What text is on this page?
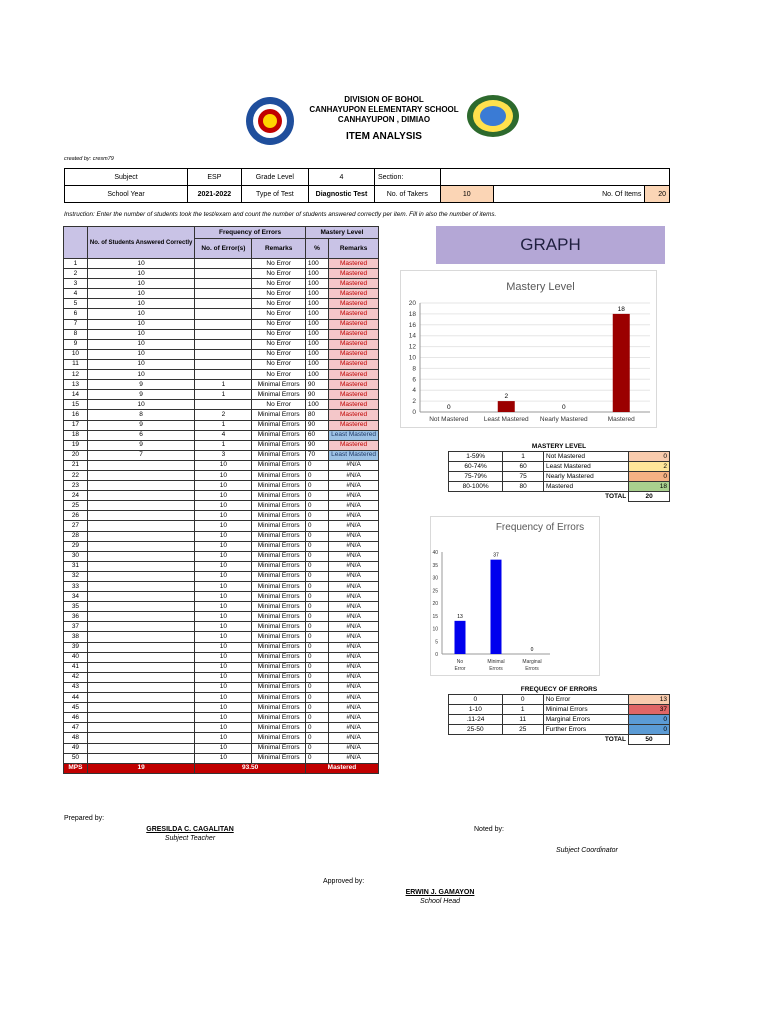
DIVISION OF BOHOL
CANHAYUPON ELEMENTARY SCHOOL
CANHAYUPON , DIMIAO
ITEM ANALYSIS
created by: cresm79
Subject	ESP	Grade Level	4	Section:			
School Year	2021-2022	Type of Test	Diagnostic Test	No. of Takers	10	No. Of Items	20
Instruction: Enter the number of students took the test/exam and count the number of students answered correctly per item. Fill in also the number of items.
	No. of Students Answered Correctly	Frequency of Errors		Mastery Level	
		No. of Error(s)	Remarks	%	Remarks
1	10		No Error	100	Mastered
2	10		No Error	100	Mastered
3	10		No Error	100	Mastered
4	10		No Error	100	Mastered
5	10		No Error	100	Mastered
6	10		No Error	100	Mastered
7	10		No Error	100	Mastered
8	10		No Error	100	Mastered
9	10		No Error	100	Mastered
10	10		No Error	100	Mastered
11	10		No Error	100	Mastered
12	10		No Error	100	Mastered
13	9	1	Minimal Errors	90	Mastered
14	9	1	Minimal Errors	90	Mastered
15	10		No Error	100	Mastered
16	8	2	Minimal Errors	80	Mastered
17	9	1	Minimal Errors	90	Mastered
18	6	4	Minimal Errors	60	Least Mastered
19	9	1	Minimal Errors	90	Mastered
20	7	3	Minimal Errors	70	Least Mastered
21		10	Minimal Errors	0	#N/A
22		10	Minimal Errors	0	#N/A
23		10	Minimal Errors	0	#N/A
24		10	Minimal Errors	0	#N/A
25		10	Minimal Errors	0	#N/A
26		10	Minimal Errors	0	#N/A
27		10	Minimal Errors	0	#N/A
28		10	Minimal Errors	0	#N/A
29		10	Minimal Errors	0	#N/A
30		10	Minimal Errors	0	#N/A
31		10	Minimal Errors	0	#N/A
32		10	Minimal Errors	0	#N/A
33		10	Minimal Errors	0	#N/A
34		10	Minimal Errors	0	#N/A
35		10	Minimal Errors	0	#N/A
36		10	Minimal Errors	0	#N/A
37		10	Minimal Errors	0	#N/A
38		10	Minimal Errors	0	#N/A
39		10	Minimal Errors	0	#N/A
40		10	Minimal Errors	0	#N/A
41		10	Minimal Errors	0	#N/A
42		10	Minimal Errors	0	#N/A
43		10	Minimal Errors	0	#N/A
44		10	Minimal Errors	0	#N/A
45		10	Minimal Errors	0	#N/A
46		10	Minimal Errors	0	#N/A
47		10	Minimal Errors	0	#N/A
48		10	Minimal Errors	0	#N/A
49		10	Minimal Errors	0	#N/A
50		10	Minimal Errors	0	#N/A
MPS	19	93.50		Mastered	
GRAPH
Mastery Level
0
2
4
6
8
10
12
14
16
18
20
0
Not Mastered
2
Least Mastered
0
Nearly Mastered
18
Mastered
MASTERY LEVEL			
1-59%	1	Not Mastered	0
60-74%	60	Least Mastered	2
75-79%	75	Nearly Mastered	0
80-100%	80	Mastered	18
		TOTAL	20
Frequency of Errors
0
5
10
15
20
25
30
35
40
13
No
Error
37
Minimal
Errors
0
Marginal
Errors
FREQUECY OF ERRORS			
0	0	No Error	13
1-10	1	Minimal Errors	37
.11-24	11	Marginal Errors	0
25-50	25	Further Errors	0
		TOTAL	50
Prepared by:
GRESILDA C. CAGALITAN
Subject Teacher
Noted by:
Subject Coordinator
Approved by:
ERWIN J. GAMAYON
School Head
